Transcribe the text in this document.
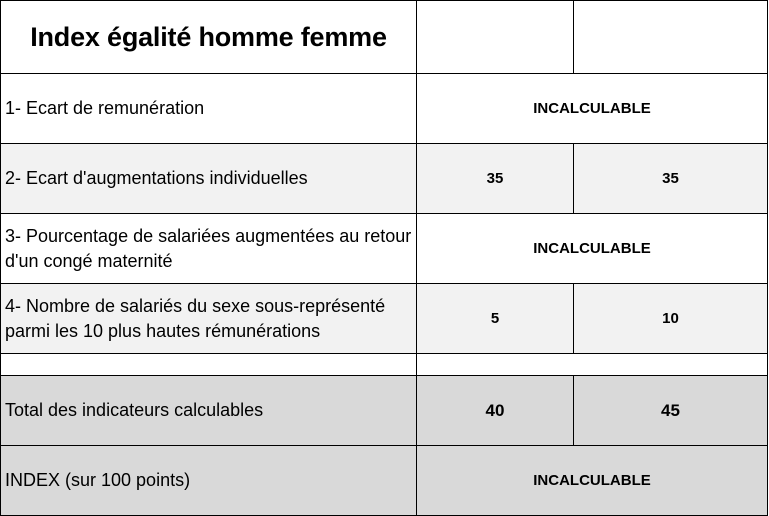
Index égalité homme femme	Points obtenus	Nombre de points maximum des indicateurs calculables
1- Ecart de remunération	INCALCULABLE	
2- Ecart d'augmentations individuelles	35	35
3- Pourcentage de salariées augmentées au retour d'un congé maternité	INCALCULABLE	
4- Nombre de salariés du sexe sous-représenté parmi les 10 plus hautes rémunérations	5	10

Total des indicateurs calculables	40	45
INDEX (sur 100 points)	INCALCULABLE	
